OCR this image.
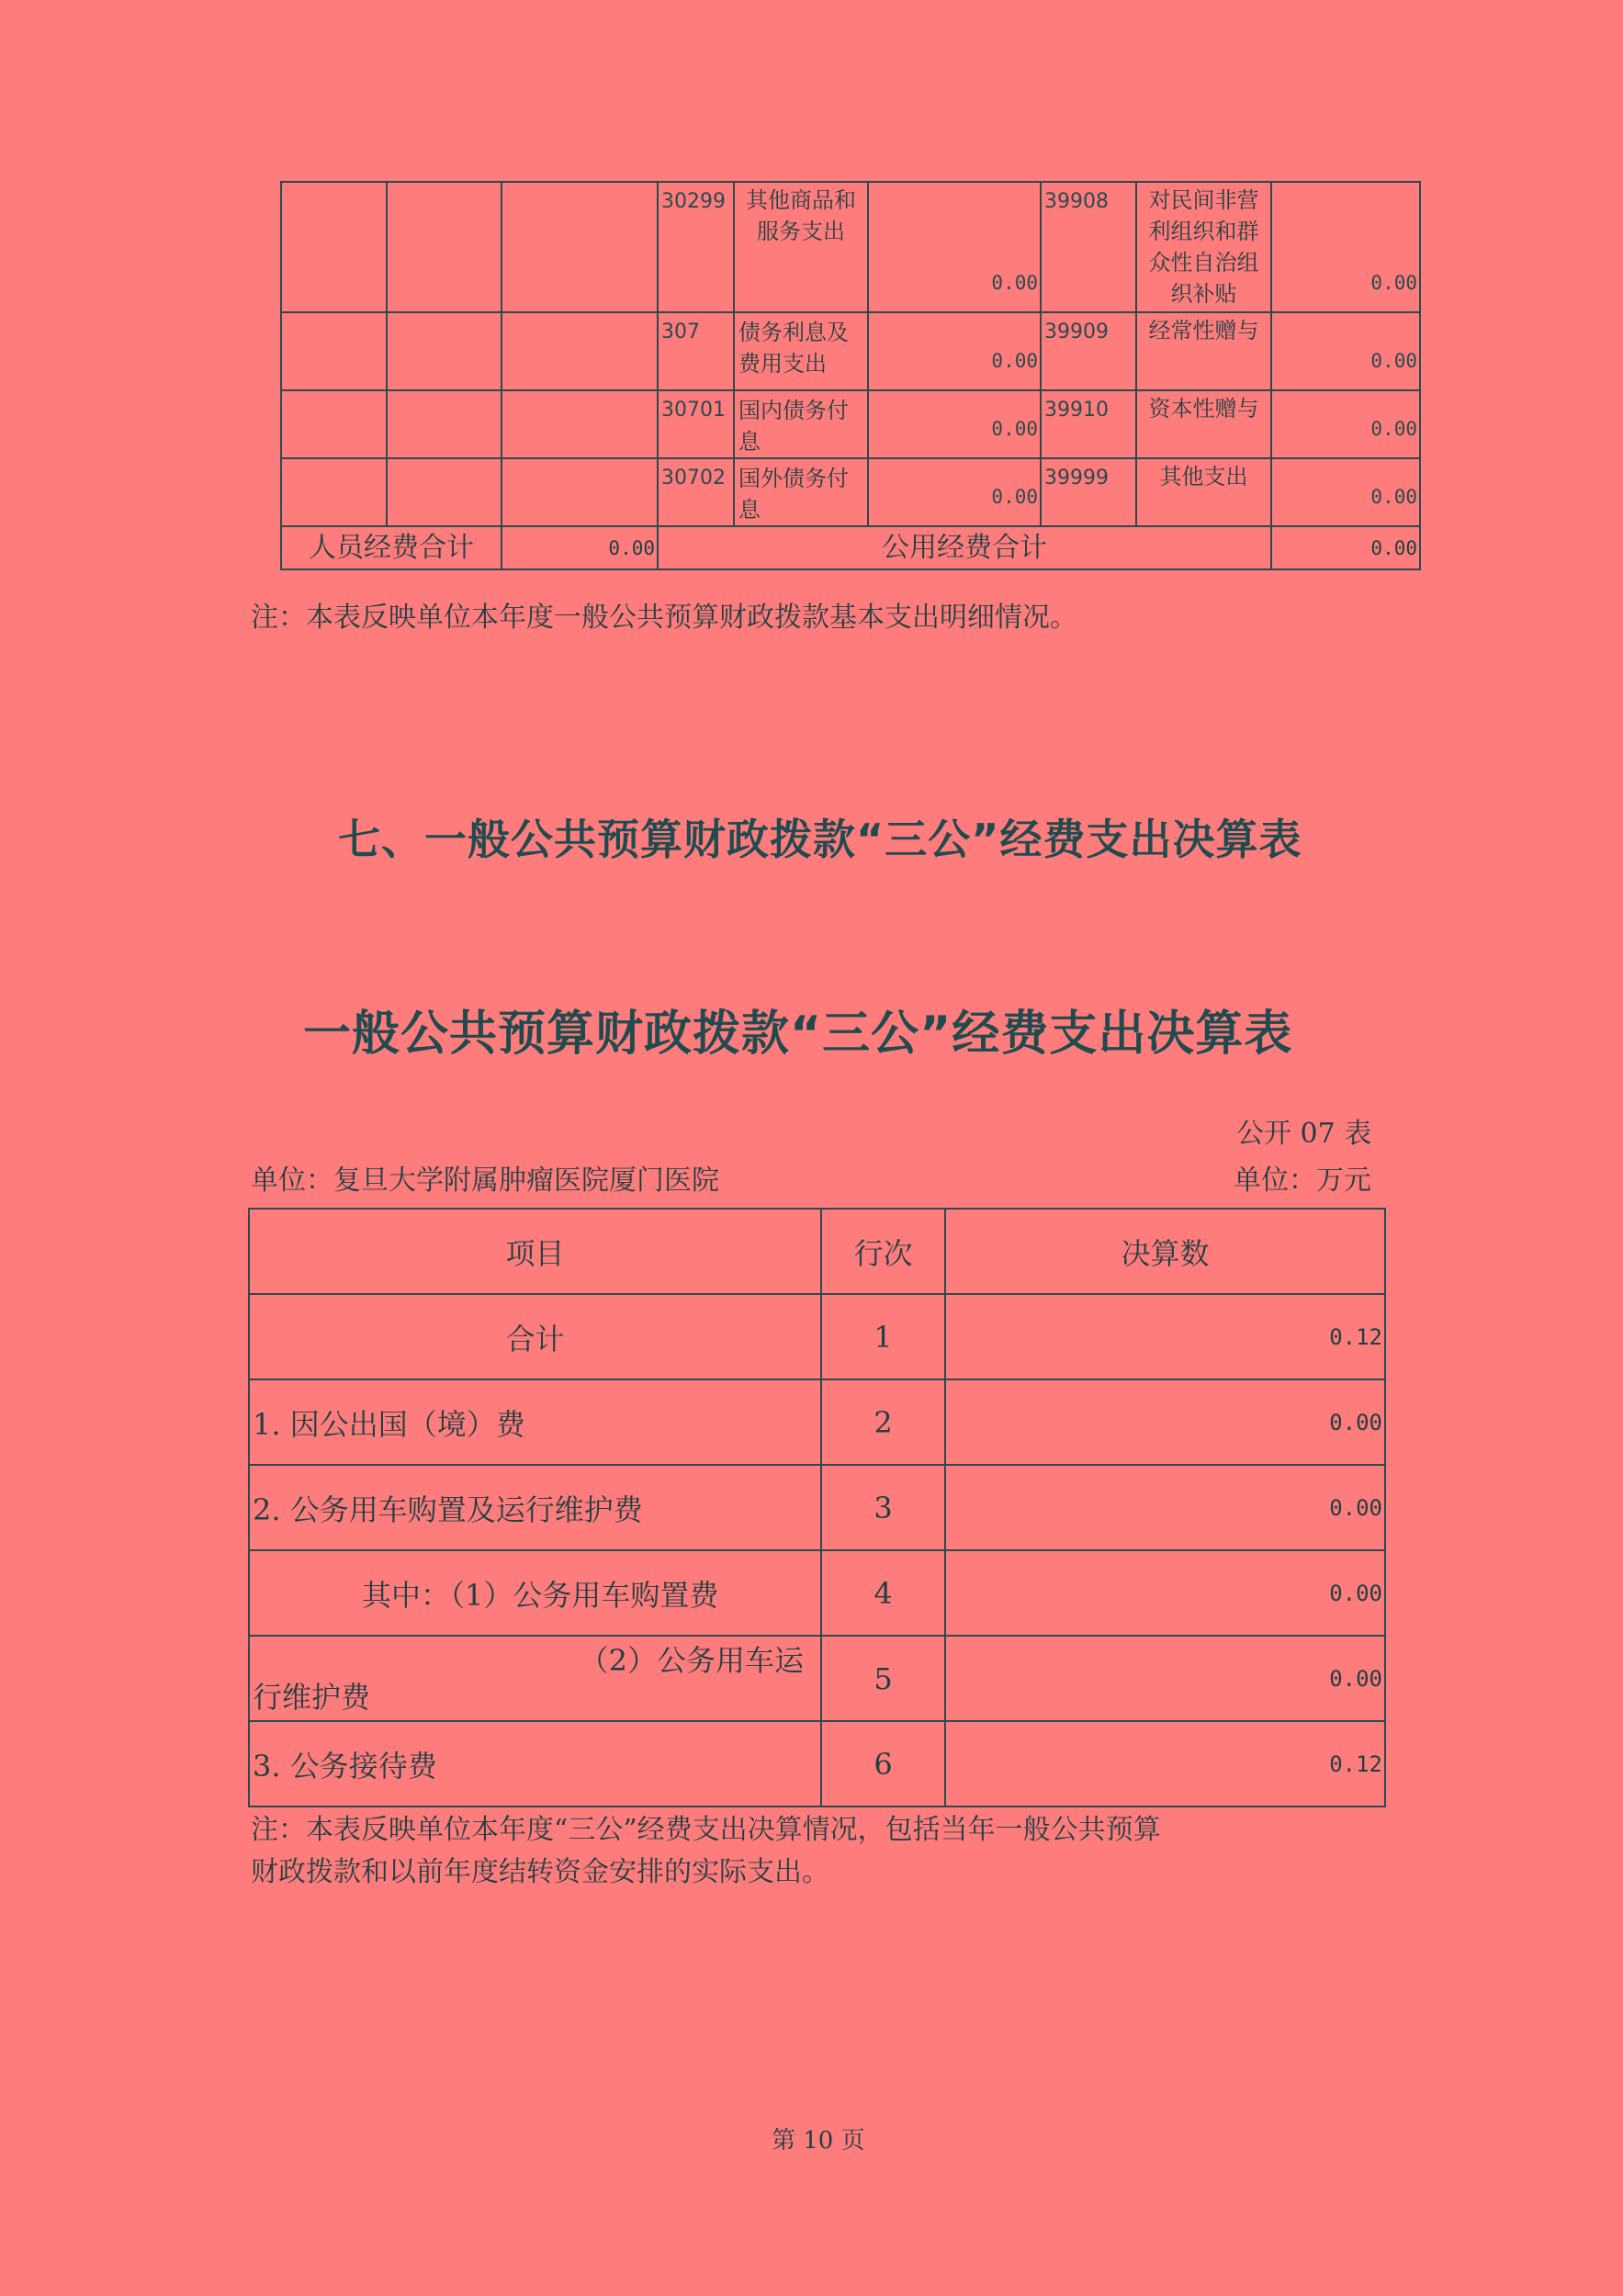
			30299	其他商品和服务支出	0.00	39908	对民间非营利组织和群众性自治组织补贴	0.00
			307	债务利息及费用支出	0.00	39909	经常性赠与	0.00
			30701	国内债务付息	0.00	39910	资本性赠与	0.00
			30702	国外债务付息	0.00	39999	其他支出	0.00
人员经费合计		0.00	公用经费合计					0.00
注：本表反映单位本年度一般公共预算财政拨款基本支出明细情况。
七、一般公共预算财政拨款“三公”经费支出决算表
一般公共预算财政拨款“三公”经费支出决算表
公开 07 表
单位：复旦大学附属肿瘤医院厦门医院	单位：万元
项目	行次	决算数
合计	1	0.12
1. 因公出国（境）费	2	0.00
2. 公务用车购置及运行维护费	3	0.00
其中：（1）公务用车购置费	4	0.00

（2）公务用车运
行维护费	5	0.00
3. 公务接待费	6	0.12
注：本表反映单位本年度“三公”经费支出决算情况，包括当年一般公共预算
财政拨款和以前年度结转资金安排的实际支出。
第 10 页
